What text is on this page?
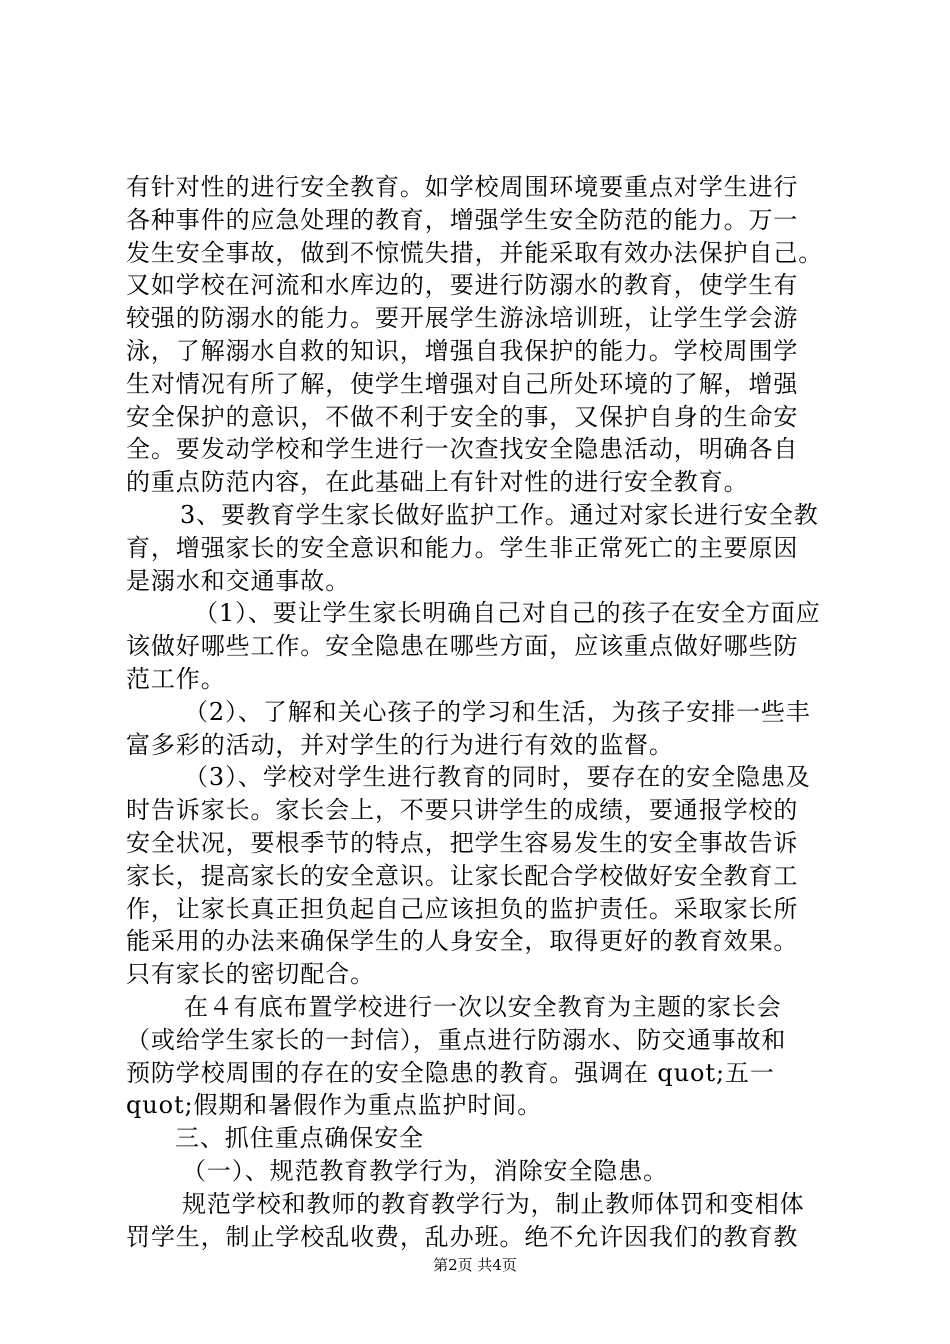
有针对性的进行安全教育。如学校周围环境要重点对学生进行

各种事件的应急处理的教育，增强学生安全防范的能力。万一

发生安全事故，做到不惊慌失措，并能采取有效办法保护自己。

又如学校在河流和水库边的，要进行防溺水的教育，使学生有

较强的防溺水的能力。要开展学生游泳培训班，让学生学会游

泳，了解溺水自救的知识，增强自我保护的能力。学校周围学

生对情况有所了解，使学生增强对自己所处环境的了解，增强

安全保护的意识，不做不利于安全的事，又保护自身的生命安

全。要发动学校和学生进行一次查找安全隐患活动，明确各自

的重点防范内容，在此基础上有针对性的进行安全教育。

3、要教育学生家长做好监护工作。通过对家长进行安全教

育，增强家长的安全意识和能力。学生非正常死亡的主要原因

是溺水和交通事故。

（1）、要让学生家长明确自己对自己的孩子在安全方面应

该做好哪些工作。安全隐患在哪些方面，应该重点做好哪些防

范工作。

（2）、了解和关心孩子的学习和生活，为孩子安排一些丰

富多彩的活动，并对学生的行为进行有效的监督。

（3）、学校对学生进行教育的同时，要存在的安全隐患及

时告诉家长。家长会上，不要只讲学生的成绩，要通报学校的

安全状况，要根季节的特点，把学生容易发生的安全事故告诉

家长，提高家长的安全意识。让家长配合学校做好安全教育工

作，让家长真正担负起自己应该担负的监护责任。采取家长所

能采用的办法来确保学生的人身安全，取得更好的教育效果。

只有家长的密切配合。

在４有底布置学校进行一次以安全教育为主题的家长会

（或给学生家长的一封信），重点进行防溺水、防交通事故和

预防学校周围的存在的安全隐患的教育。强调在 quot;五一

quot;假期和暑假作为重点监护时间。

三、抓住重点确保安全

（一）、规范教育教学行为，消除安全隐患。

规范学校和教师的教育教学行为，制止教师体罚和变相体

罚学生，制止学校乱收费，乱办班。绝不允许因我们的教育教

第2页 共4页
